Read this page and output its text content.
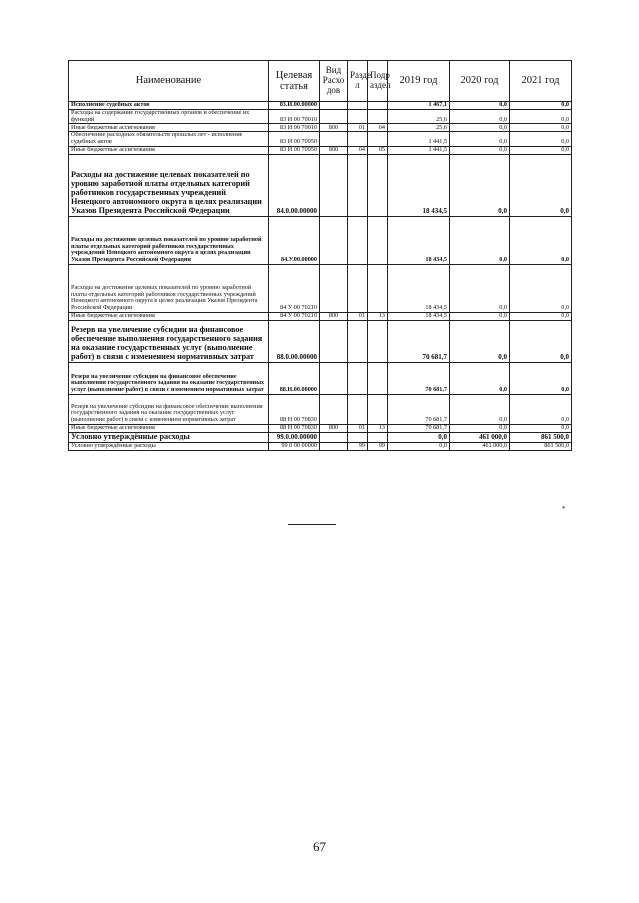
Наименование	Целевая статья	Вид Расхо дов	Разде л	Подр аздел	2019 год	2020 год	2021 год
Исполнение судебных актов	83.И.00.00000				1 467,1	0,0	0,0
Расходы на содержание государственных органов и обеспечение их функций	83 И 00 70010				25,6	0,0	0,0
Иные бюджетные ассигнования	83 И 00 70010	800	01	04	25,6	0,0	0,0
Обеспечение расходных обязательств прошлых лет - исполнение судебных актов	83 И 00 70950				1 441,5	0,0	0,0
Иные бюджетные ассигнования	83 И 00 70950	800	04	05	1 441,5	0,0	0,0
Расходы на достижение целевых показателей по уровню заработной платы отдельных категорий работников государственных учреждений Ненецкого автономного округа в целях реализации Указов Президента Российской Федерации	84.0.00.00000				18 434,5	0,0	0,0
Расходы на достижение целевых показателей по уровню заработной платы отдельных категорий работников государственных учреждений Ненецкого автономного округа в целях реализации Указов Президента Российской Федерации	84.У.00.00000				18 434,5	0,0	0,0
Расходы на достижение целевых показателей по уровню заработной платы отдельных категорий работников государственных учреждений Ненецкого автономного округа в целях реализации Указов Президента Российской Федерации	84 У 00 70210				18 434,5	0,0	0,0
Иные бюджетные ассигнования	84 У 00 70210	800	01	13	18 434,5	0,0	0,0
Резерв на увеличение субсидии на финансовое обеспечение выполнения государственного задания на оказание государственных услуг (выполнение работ) в связи с изменением нормативных затрат	88.0.00.00000				70 681,7	0,0	0,0
Резерв на увеличение субсидии на финансовое обеспечение выполнения государственного задания на оказание государственных услуг (выполнение работ) в связи с изменением нормативных затрат	88.Н.00.00000				70 681,7	0,0	0,0
Резерв на увеличение субсидии на финансовое обеспечение выполнения государственного задания на оказание государственных услуг (выполнение работ) в связи с изменением нормативных затрат	88 Н 00 70830				70 681,7	0,0	0,0
Иные бюджетные ассигнования	88 Н 00 70830	800	01	13	70 681,7	0,0	0,0
Условно утверждённые расходы	99.0.00.00000				0,0	461 000,0	861 500,0
Условно утверждённые расходы	99 0 00 00000		99	99	0,0	461 000,0	861 500,0
*
67
